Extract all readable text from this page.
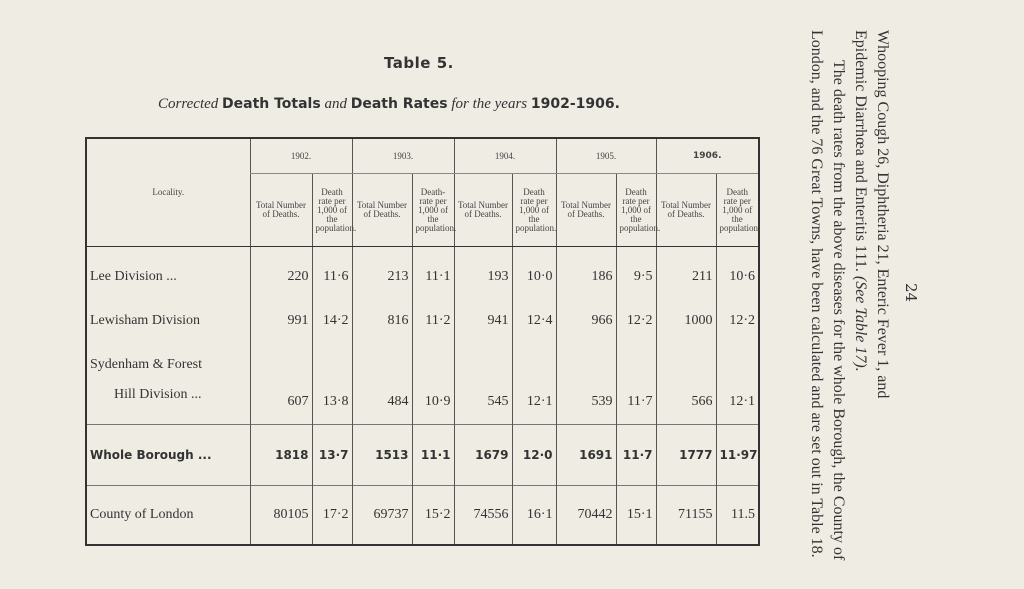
Table 5.
Corrected Death Totals and Death Rates for the years 1902-1906.
Locality.	1902.		1903.		1904.		1905.		1906.	
	Total Number of Deaths.	Death rate per 1,000 of the population.	Total Number of Deaths.	Death-rate per 1,000 of the population.	Total Number of Deaths.	Death rate per 1,000 of the population.	Total Number of Deaths.	Death rate per 1,000 of the population.	Total Number of Deaths.	Death rate per 1,000 of the population.
Lee Division ...	220	11·6	213	11·1	193	10·0	186	9·5	211	10·6
Lewisham Division	991	14·2	816	11·2	941	12·4	966	12·2	1000	12·2

Sydenham & Forest
Hill Division ...	607	13·8	484	10·9	545	12·1	539	11·7	566	12·1
Whole Borough ...	1818	13·7	1513	11·1	1679	12·0	1691	11·7	1777	11·97
County of London	80105	17·2	69737	15·2	74556	16·1	70442	15·1	71155	11.5

Whooping Cough 26, Diphtheria 21, Enteric Fever 1, and

Epidemic Diarrhœa and Enteritis 111. (See Table 17).

The death rates from the above diseases for the whole Borough, the County of London, and the 76 Great Towns, have been calculated and are set out in Table 18.	24
